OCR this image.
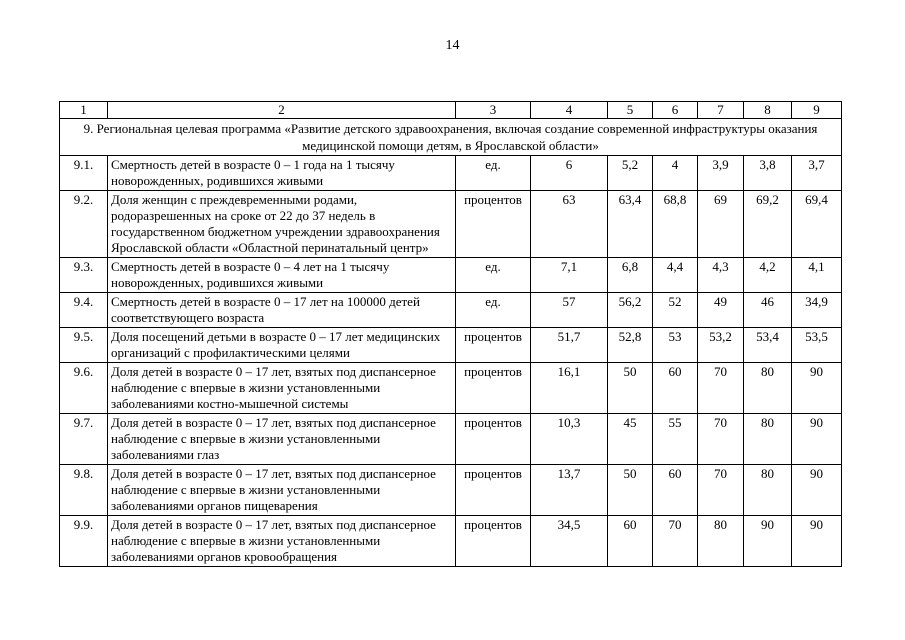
14
1	2	3	4	5	6	7	8	9
9. Региональная целевая программа «Развитие детского здравоохранения, включая создание современной инфраструктуры оказания медицинской помощи детям, в Ярославской области»								
9.1.	Смертность детей в возрасте 0 – 1 года на 1 тысячу новорожденных, родившихся живыми	ед.	6	5,2	4	3,9	3,8	3,7
9.2.	Доля женщин с преждевременными родами, родоразрешенных на сроке от 22 до 37 недель в государственном бюджетном учреждении здравоохранения Ярославской области «Областной перинатальный центр»	процентов	63	63,4	68,8	69	69,2	69,4
9.3.	Смертность детей в возрасте 0 – 4 лет на 1 тысячу новорожденных, родившихся живыми	ед.	7,1	6,8	4,4	4,3	4,2	4,1
9.4.	Смертность детей в возрасте 0 – 17 лет на 100000 детей соответствующего возраста	ед.	57	56,2	52	49	46	34,9
9.5.	Доля посещений детьми в возрасте 0 – 17 лет медицинских организаций с профилактическими целями	процентов	51,7	52,8	53	53,2	53,4	53,5
9.6.	Доля детей в возрасте 0 – 17 лет, взятых под диспансерное наблюдение с впервые в жизни установленными заболеваниями костно-мышечной системы	процентов	16,1	50	60	70	80	90
9.7.	Доля детей в возрасте 0 – 17 лет, взятых под диспансерное наблюдение с впервые в жизни установленными заболеваниями глаз	процентов	10,3	45	55	70	80	90
9.8.	Доля детей в возрасте 0 – 17 лет, взятых под диспансерное наблюдение с впервые в жизни установленными заболеваниями органов пищеварения	процентов	13,7	50	60	70	80	90
9.9.	Доля детей в возрасте 0 – 17 лет, взятых под диспансерное наблюдение с впервые в жизни установленными заболеваниями органов кровообращения	процентов	34,5	60	70	80	90	90
